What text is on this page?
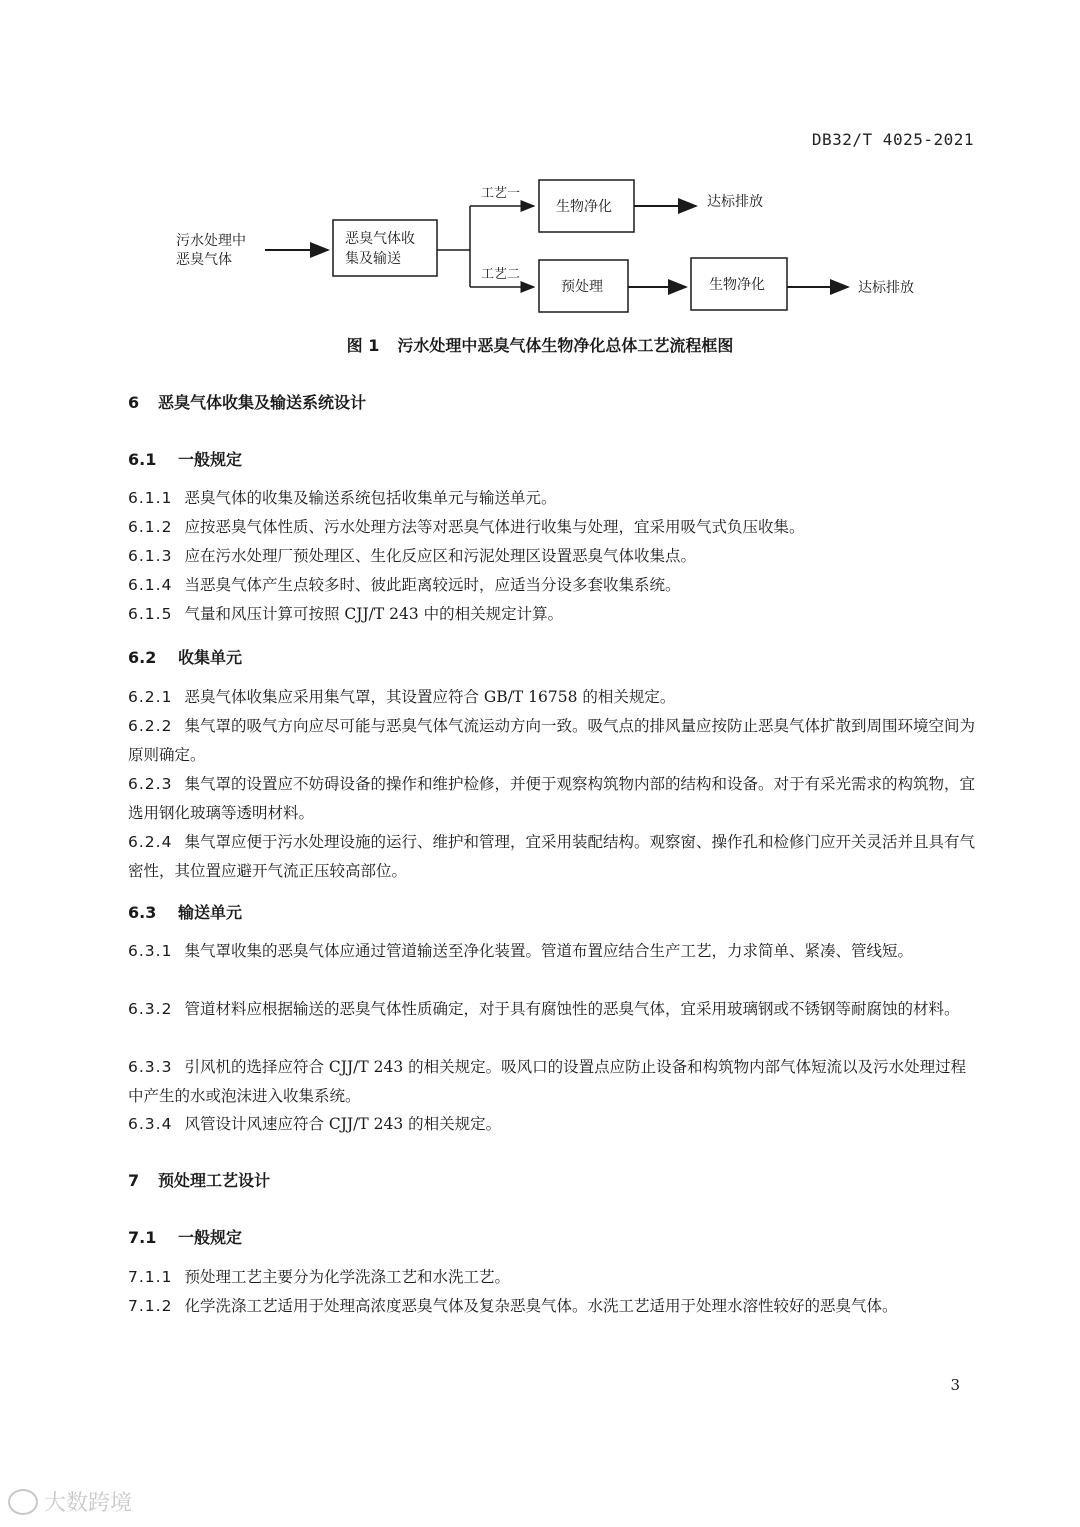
DB32/T 4025-2021
污水处理中
恶臭气体
恶臭气体收
集及输送
工艺一
工艺二
生物净化	达标排放
预处理	生物净化	达标排放
图 1 污水处理中恶臭气体生物净化总体工艺流程框图
6 恶臭气体收集及输送系统设计
6.1 一般规定
6.1.1 恶臭气体的收集及输送系统包括收集单元与输送单元。
6.1.2 应按恶臭气体性质、污水处理方法等对恶臭气体进行收集与处理，宜采用吸气式负压收集。
6.1.3 应在污水处理厂预处理区、生化反应区和污泥处理区设置恶臭气体收集点。
6.1.4 当恶臭气体产生点较多时、彼此距离较远时，应适当分设多套收集系统。
6.1.5 气量和风压计算可按照 CJJ/T 243 中的相关规定计算。
6.2 收集单元
6.2.1 恶臭气体收集应采用集气罩，其设置应符合 GB/T 16758 的相关规定。
6.2.2 集气罩的吸气方向应尽可能与恶臭气体气流运动方向一致。吸气点的排风量应按防止恶臭气体扩散到周围环境空间为原则确定。
6.2.3 集气罩的设置应不妨碍设备的操作和维护检修，并便于观察构筑物内部的结构和设备。对于有采光需求的构筑物，宜选用钢化玻璃等透明材料。
6.2.4 集气罩应便于污水处理设施的运行、维护和管理，宜采用装配结构。观察窗、操作孔和检修门应开关灵活并且具有气密性，其位置应避开气流正压较高部位。
6.3 输送单元
6.3.1 集气罩收集的恶臭气体应通过管道输送至净化装置。管道布置应结合生产工艺，力求简单、紧凑、管线短。
6.3.2 管道材料应根据输送的恶臭气体性质确定，对于具有腐蚀性的恶臭气体，宜采用玻璃钢或不锈钢等耐腐蚀的材料。
6.3.3 引风机的选择应符合 CJJ/T 243 的相关规定。吸风口的设置点应防止设备和构筑物内部气体短流以及污水处理过程中产生的水或泡沫进入收集系统。
6.3.4 风管设计风速应符合 CJJ/T 243 的相关规定。
7 预处理工艺设计
7.1 一般规定
7.1.1 预处理工艺主要分为化学洗涤工艺和水洗工艺。
7.1.2 化学洗涤工艺适用于处理高浓度恶臭气体及复杂恶臭气体。水洗工艺适用于处理水溶性较好的恶臭气体。
3
大数跨境
